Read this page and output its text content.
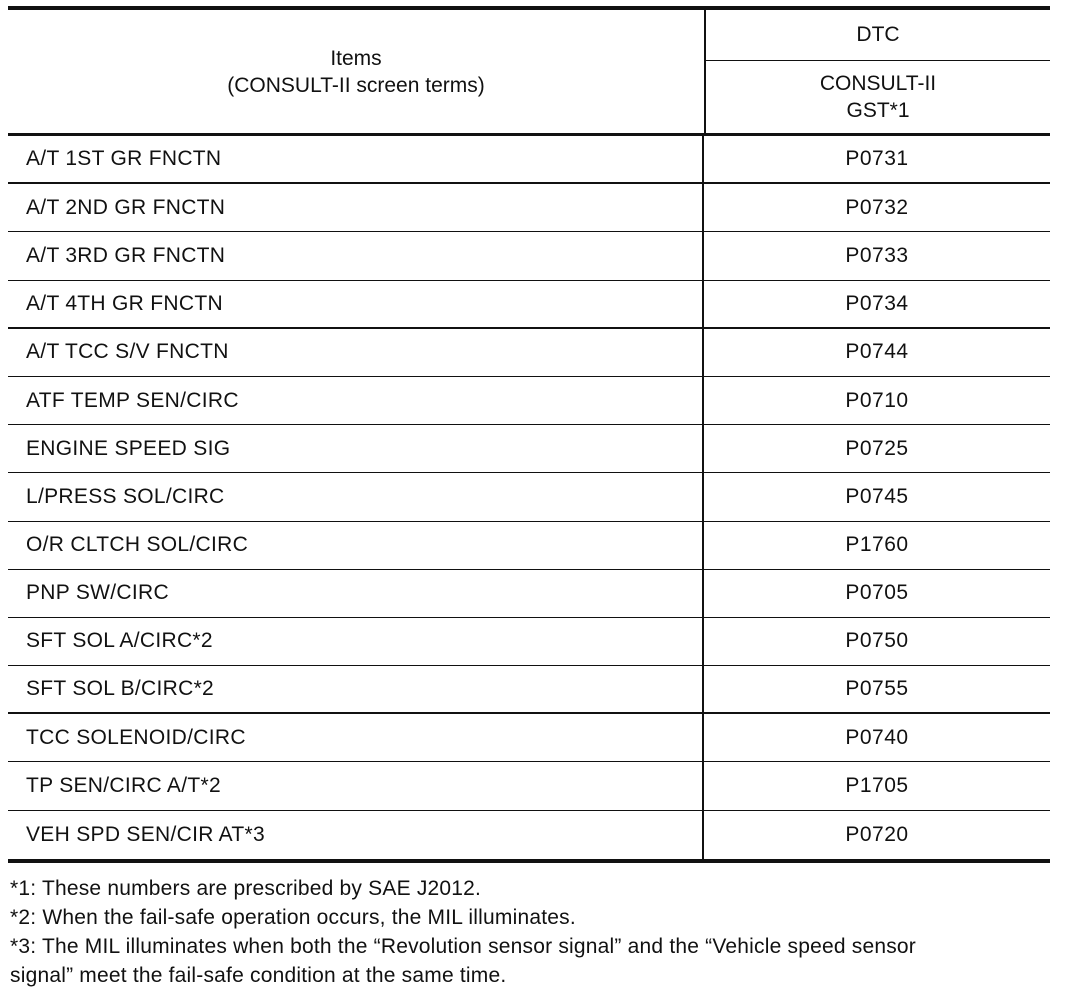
Items
(CONSULT-II screen terms)
DTC
CONSULT-II
GST*1
A/T 1ST GR FNCTN	P0731
A/T 2ND GR FNCTN	P0732
A/T 3RD GR FNCTN	P0733
A/T 4TH GR FNCTN	P0734
A/T TCC S/V FNCTN	P0744
ATF TEMP SEN/CIRC	P0710
ENGINE SPEED SIG	P0725
L/PRESS SOL/CIRC	P0745
O/R CLTCH SOL/CIRC	P1760
PNP SW/CIRC	P0705
SFT SOL A/CIRC*2	P0750
SFT SOL B/CIRC*2	P0755
TCC SOLENOID/CIRC	P0740
TP SEN/CIRC A/T*2	P1705
VEH SPD SEN/CIR AT*3	P0720

*1: These numbers are prescribed by SAE J2012.

*2: When the fail-safe operation occurs, the MIL illuminates.

*3: The MIL illuminates when both the “Revolution sensor signal” and the “Vehicle speed sensor

signal” meet the fail-safe condition at the same time.
